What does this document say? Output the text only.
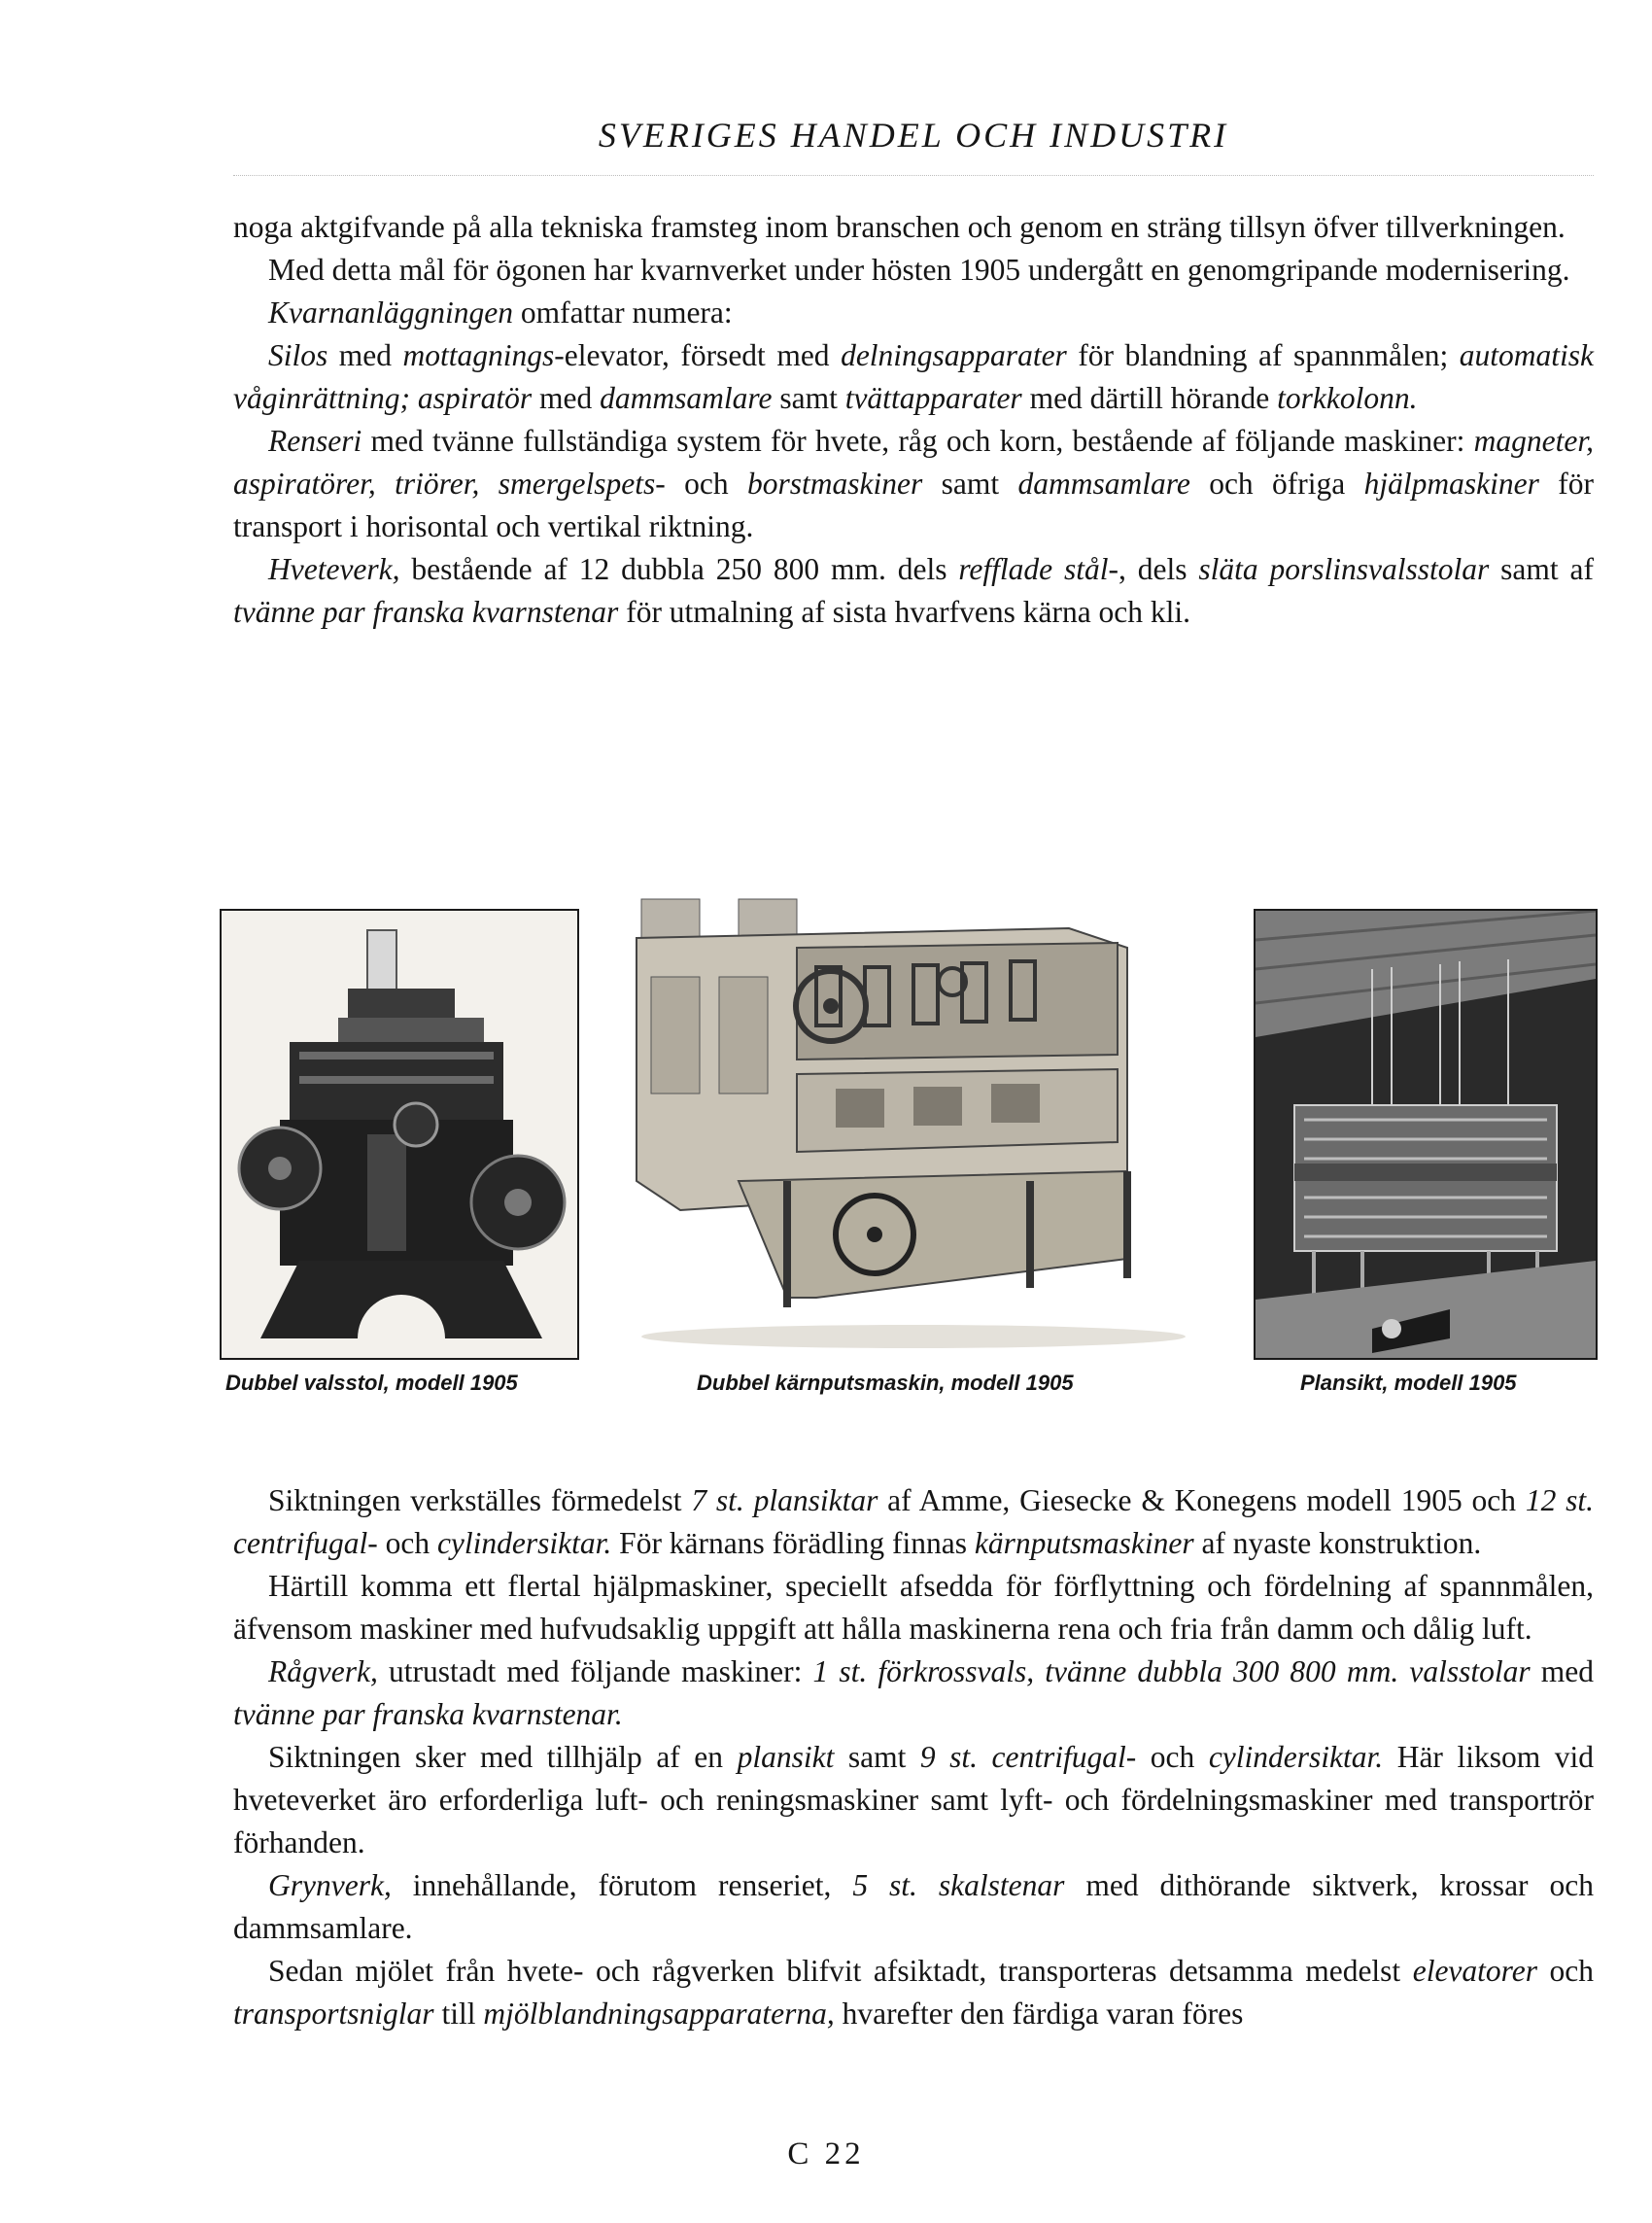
SVERIGES HANDEL OCH INDUSTRI

noga aktgifvande på alla tekniska framsteg inom branschen och genom en sträng tillsyn öfver tillverkningen.

Med detta mål för ögonen har kvarnverket under hösten 1905 undergått en genomgripande modernisering.

Kvarnanläggningen omfattar numera:

Silos med mottagnings-elevator, försedt med delningsapparater för blandning af spannmålen; automatisk våginrättning; aspiratör med dammsamlare samt tvättapparater med därtill hörande torkkolonn.

Renseri med tvänne fullständiga system för hvete, råg och korn, bestående af följande maskiner: magneter, aspiratörer, triörer, smergelspets- och borstmaskiner samt dammsamlare och öfriga hjälpmaskiner för transport i horisontal och vertikal riktning.

Hveteverk, bestående af 12 dubbla 250 800 mm. dels refflade stål-, dels släta porslinsvalsstolar samt af tvänne par franska kvarnstenar för utmalning af sista hvarfvens kärna och kli.

Dubbel valsstol, modell 1905	Dubbel kärnputsmaskin, modell 1905	Plansikt, modell 1905

Siktningen verkställes förmedelst 7 st. plansiktar af Amme, Giesecke & Konegens modell 1905 och 12 st. centrifugal- och cylindersiktar. För kärnans förädling finnas kärnputsmaskiner af nyaste konstruktion.

Härtill komma ett flertal hjälpmaskiner, speciellt afsedda för förflyttning och fördelning af spannmålen, äfvensom maskiner med hufvudsaklig uppgift att hålla maskinerna rena och fria från damm och dålig luft.

Rågverk, utrustadt med följande maskiner: 1 st. förkrossvals, tvänne dubbla 300 800 mm. valsstolar med tvänne par franska kvarnstenar.

Siktningen sker med tillhjälp af en plansikt samt 9 st. centrifugal- och cylindersiktar. Här liksom vid hveteverket äro erforderliga luft- och reningsmaskiner samt lyft- och fördelningsmaskiner med transportrör förhanden.

Grynverk, innehållande, förutom renseriet, 5 st. skalstenar med dithörande siktverk, krossar och dammsamlare.

Sedan mjölet från hvete- och rågverken blifvit afsiktadt, transporteras detsamma medelst elevatorer och transportsniglar till mjölblandningsapparaterna, hvarefter den färdiga varan föres

C 22
